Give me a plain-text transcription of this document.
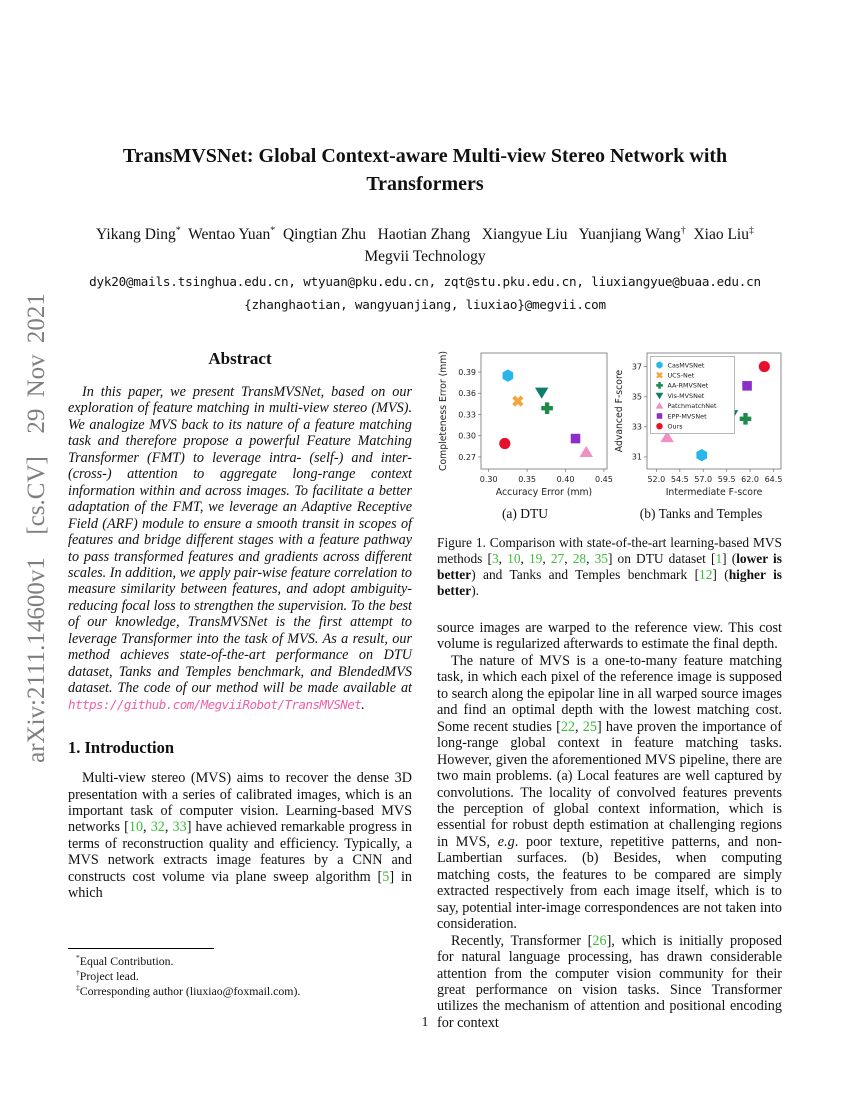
arXiv:2111.14600v1  [cs.CV]  29 Nov 2021
TransMVSNet: Global Context-aware Multi-view Stereo Network with Transformers
Yikang Ding*  Wentao Yuan*  Qingtian Zhu   Haotian Zhang   Xiangyue Liu   Yuanjiang Wang†  Xiao Liu‡
Megvii Technology
dyk20@mails.tsinghua.edu.cn, wtyuan@pku.edu.cn, zqt@stu.pku.edu.cn, liuxiangyue@buaa.edu.cn
{zhanghaotian, wangyuanjiang, liuxiao}@megvii.com
Abstract

In this paper, we present TransMVSNet, based on our exploration of feature matching in multi-view stereo (MVS). We analogize MVS back to its nature of a feature matching task and therefore propose a powerful Feature Matching Transformer (FMT) to leverage intra- (self-) and inter- (cross-) attention to aggregate long-range context information within and across images. To facilitate a better adaptation of the FMT, we leverage an Adaptive Receptive Field (ARF) module to ensure a smooth transit in scopes of features and bridge different stages with a feature pathway to pass transformed features and gradients across different scales. In addition, we apply pair-wise feature correlation to measure similarity between features, and adopt ambiguity-reducing focal loss to strengthen the supervision. To the best of our knowledge, TransMVSNet is the first attempt to leverage Transformer into the task of MVS. As a result, our method achieves state-of-the-art performance on DTU dataset, Tanks and Temples benchmark, and BlendedMVS dataset. The code of our method will be made available at https://github.com/MegviiRobot/TransMVSNet.

1. Introduction

Multi-view stereo (MVS) aims to recover the dense 3D presentation with a series of calibrated images, which is an important task of computer vision. Learning-based MVS networks [10, 32, 33] have achieved remarkable progress in terms of reconstruction quality and efficiency. Typically, a MVS network extracts image features by a CNN and constructs cost volume via plane sweep algorithm [5] in which

*Equal Contribution.
†Project lead.
‡Corresponding author (liuxiao@foxmail.com).
0.30	0.35	0.40	0.45
0.27
0.30
0.33
0.36
0.39
Accuracy Error (mm)
Completeness Error (mm)
(a) DTU
52.0 54.5 57.0 59.5 62.0 64.5
31
33
35
37
Intermediate F-score
Advanced F-score
CasMVSNet
UCS-Net
AA-RMVSNet
Vis-MVSNet
PatchmatchNet
EPP-MVSNet
Ours
(b) Tanks and Temples
Figure 1. Comparison with state-of-the-art learning-based MVS methods [3, 10, 19, 27, 28, 35] on DTU dataset [1] (lower is better) and Tanks and Temples benchmark [12] (higher is better).

source images are warped to the reference view. This cost volume is regularized afterwards to estimate the final depth.

The nature of MVS is a one-to-many feature matching task, in which each pixel of the reference image is supposed to search along the epipolar line in all warped source images and find an optimal depth with the lowest matching cost. Some recent studies [22, 25] have proven the importance of long-range global context in feature matching tasks. However, given the aforementioned MVS pipeline, there are two main problems. (a) Local features are well captured by convolutions. The locality of convolved features prevents the perception of global context information, which is essential for robust depth estimation at challenging regions in MVS, e.g. poor texture, repetitive patterns, and non-Lambertian surfaces. (b) Besides, when computing matching costs, the features to be compared are simply extracted respectively from each image itself, which is to say, potential inter-image correspondences are not taken into consideration.

Recently, Transformer [26], which is initially proposed for natural language processing, has drawn considerable attention from the computer vision community for their great performance on vision tasks. Since Transformer utilizes the mechanism of attention and positional encoding for context

1
